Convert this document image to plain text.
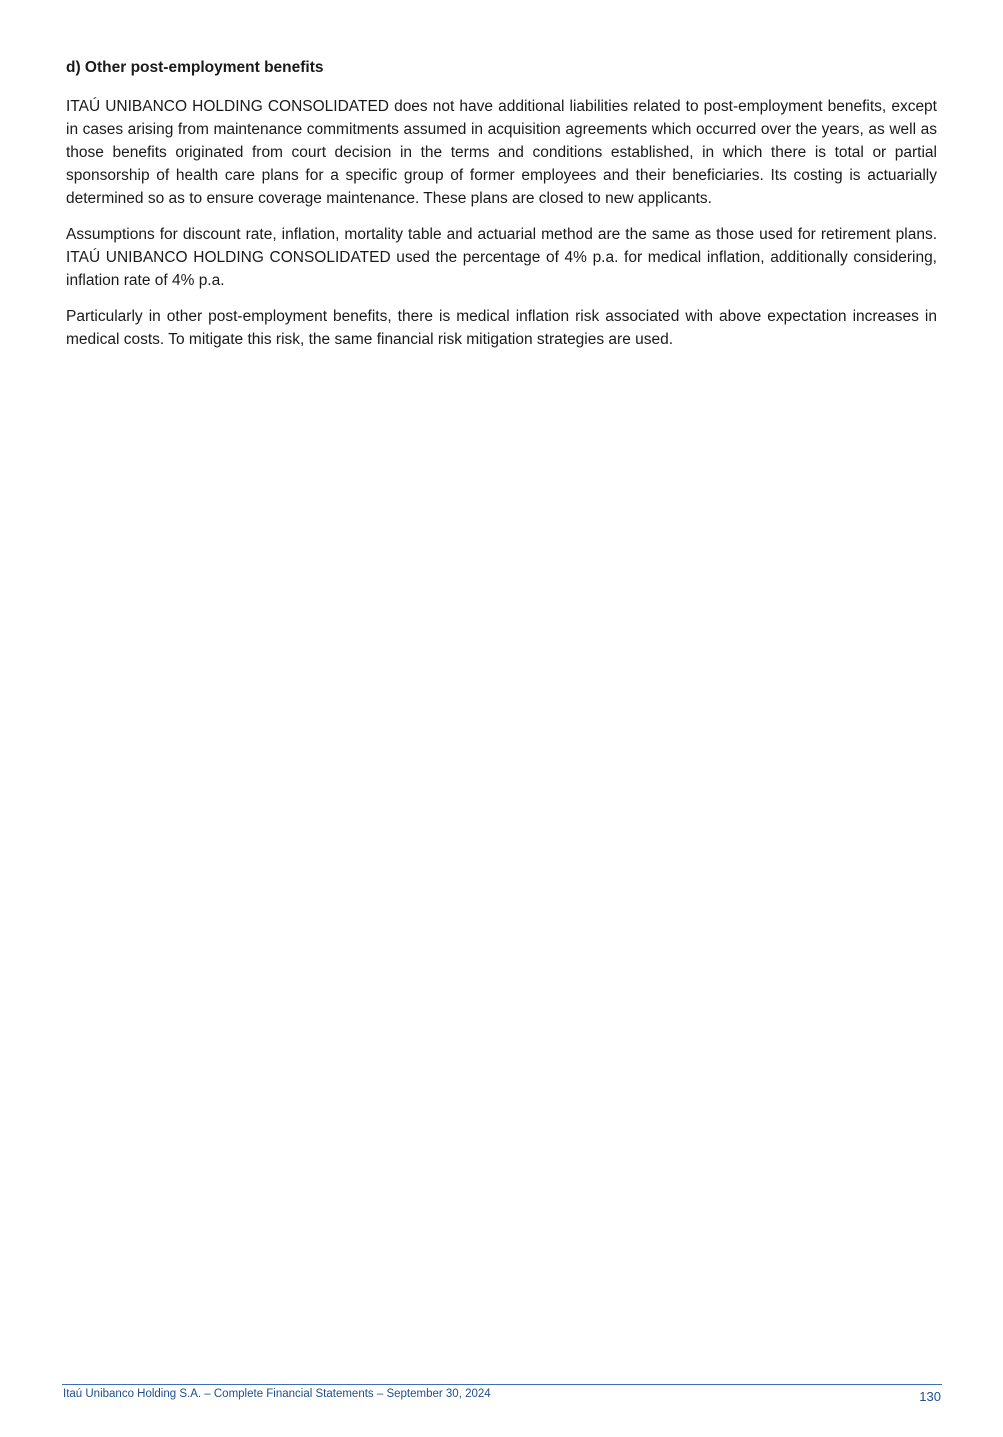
d) Other post-employment benefits

ITAÚ UNIBANCO HOLDING CONSOLIDATED does not have additional liabilities related to post-employment benefits, except in cases arising from maintenance commitments assumed in acquisition agreements which occurred over the years, as well as those benefits originated from court decision in the terms and conditions established, in which there is total or partial sponsorship of health care plans for a specific group of former employees and their beneficiaries. Its costing is actuarially determined so as to ensure coverage maintenance. These plans are closed to new applicants.

Assumptions for discount rate, inflation, mortality table and actuarial method are the same as those used for retirement plans. ITAÚ UNIBANCO HOLDING CONSOLIDATED used the percentage of 4% p.a. for medical inflation, additionally considering, inflation rate of 4% p.a.

Particularly in other post-employment benefits, there is medical inflation risk associated with above expectation increases in medical costs. To mitigate this risk, the same financial risk mitigation strategies are used.

Itaú Unibanco Holding S.A. – Complete Financial Statements – September 30, 2024	130
